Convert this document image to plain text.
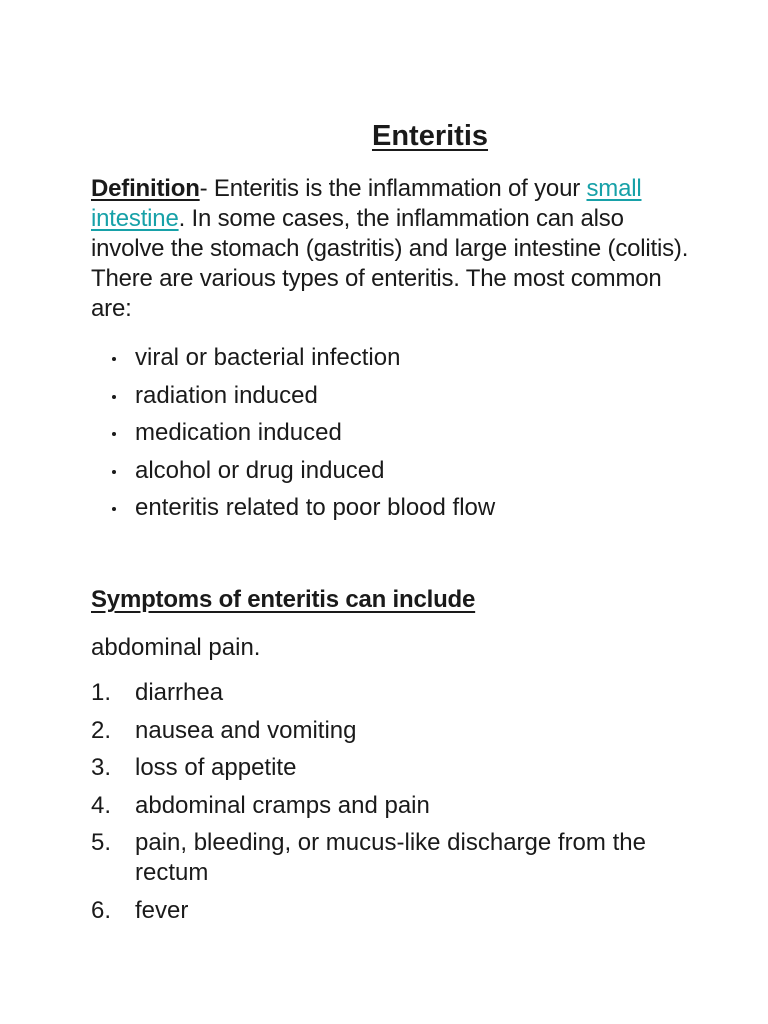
Enteritis

Definition- Enteritis is the inflammation of your small intestine. In some cases, the inflammation can also involve the stomach (gastritis) and large intestine (colitis). There are various types of enteritis. The most common are:

viral or bacterial infection
radiation induced
medication induced
alcohol or drug induced
enteritis related to poor blood flow
Symptoms of enteritis can include

abdominal pain.

1. diarrhea
2. nausea and vomiting
3. loss of appetite
4. abdominal cramps and pain
5. pain, bleeding, or mucus-like discharge from the rectum
6. fever
